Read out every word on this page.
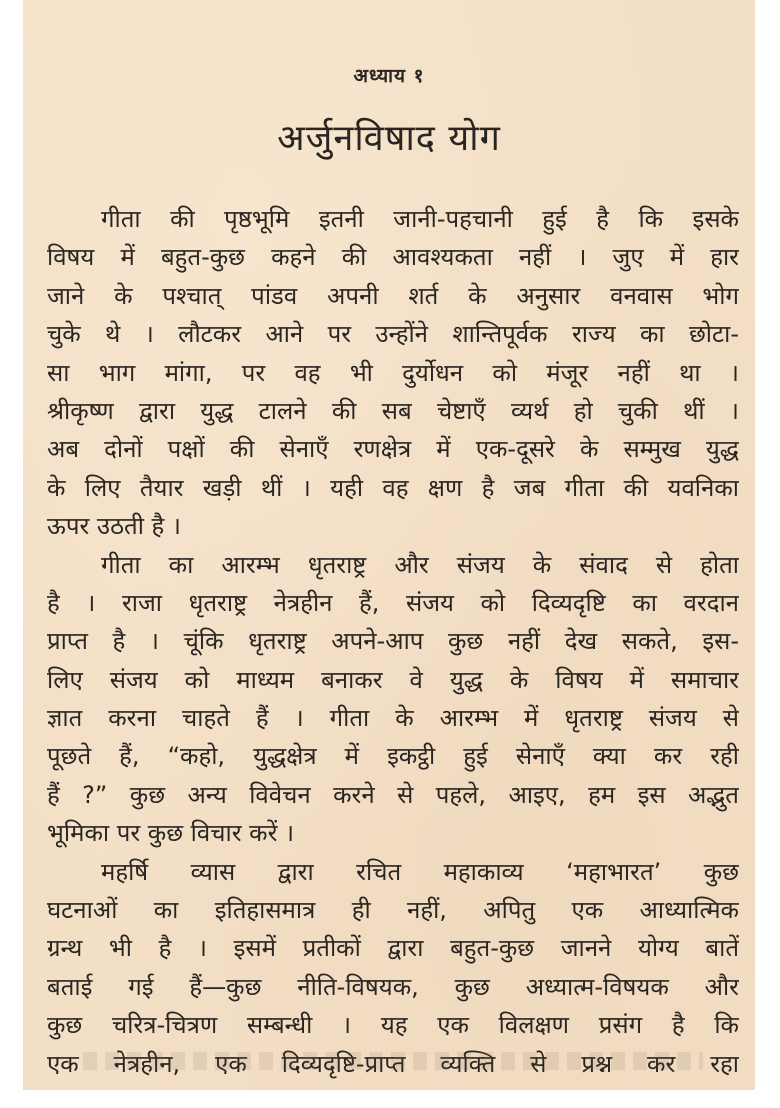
अध्याय १
अर्जुनविषाद योग
गीता की पृष्ठभूमि इतनी जानी-पहचानी हुई है कि इसके
विषय में बहुत-कुछ कहने की आवश्यकता नहीं । जुए में हार
जाने के पश्चात् पांडव अपनी शर्त के अनुसार वनवास भोग
चुके थे । लौटकर आने पर उन्होंने शान्तिपूर्वक राज्य का छोटा-
सा भाग मांगा, पर वह भी दुर्योधन को मंजूर नहीं था ।
श्रीकृष्ण द्वारा युद्ध टालने की सब चेष्टाएँ व्यर्थ हो चुकी थीं ।
अब दोनों पक्षों की सेनाएँ रणक्षेत्र में एक-दूसरे के सम्मुख युद्ध
के लिए तैयार खड़ी थीं । यही वह क्षण है जब गीता की यवनिका
ऊपर उठती है ।
गीता का आरम्भ धृतराष्ट्र और संजय के संवाद से होता
है । राजा धृतराष्ट्र नेत्रहीन हैं, संजय को दिव्यदृष्टि का वरदान
प्राप्त है । चूंकि धृतराष्ट्र अपने-आप कुछ नहीं देख सकते, इस-
लिए संजय को माध्यम बनाकर वे युद्ध के विषय में समाचार
ज्ञात करना चाहते हैं । गीता के आरम्भ में धृतराष्ट्र संजय से
पूछते हैं, “कहो, युद्धक्षेत्र में इकट्ठी हुई सेनाएँ क्या कर रही
हैं ?” कुछ अन्य विवेचन करने से पहले, आइए, हम इस अद्भुत
भूमिका पर कुछ विचार करें ।
महर्षि व्यास द्वारा रचित महाकाव्य ‘महाभारत’ कुछ
घटनाओं का इतिहासमात्र ही नहीं, अपितु एक आध्यात्मिक
ग्रन्थ भी है । इसमें प्रतीकों द्वारा बहुत-कुछ जानने योग्य बातें
बताई गई हैं—कुछ नीति-विषयक, कुछ अध्यात्म-विषयक और
कुछ चरित्र-चित्रण सम्बन्धी । यह एक विलक्षण प्रसंग है कि
एक नेत्रहीन, एक दिव्यदृष्टि-प्राप्त व्यक्ति से प्रश्न कर रहा
